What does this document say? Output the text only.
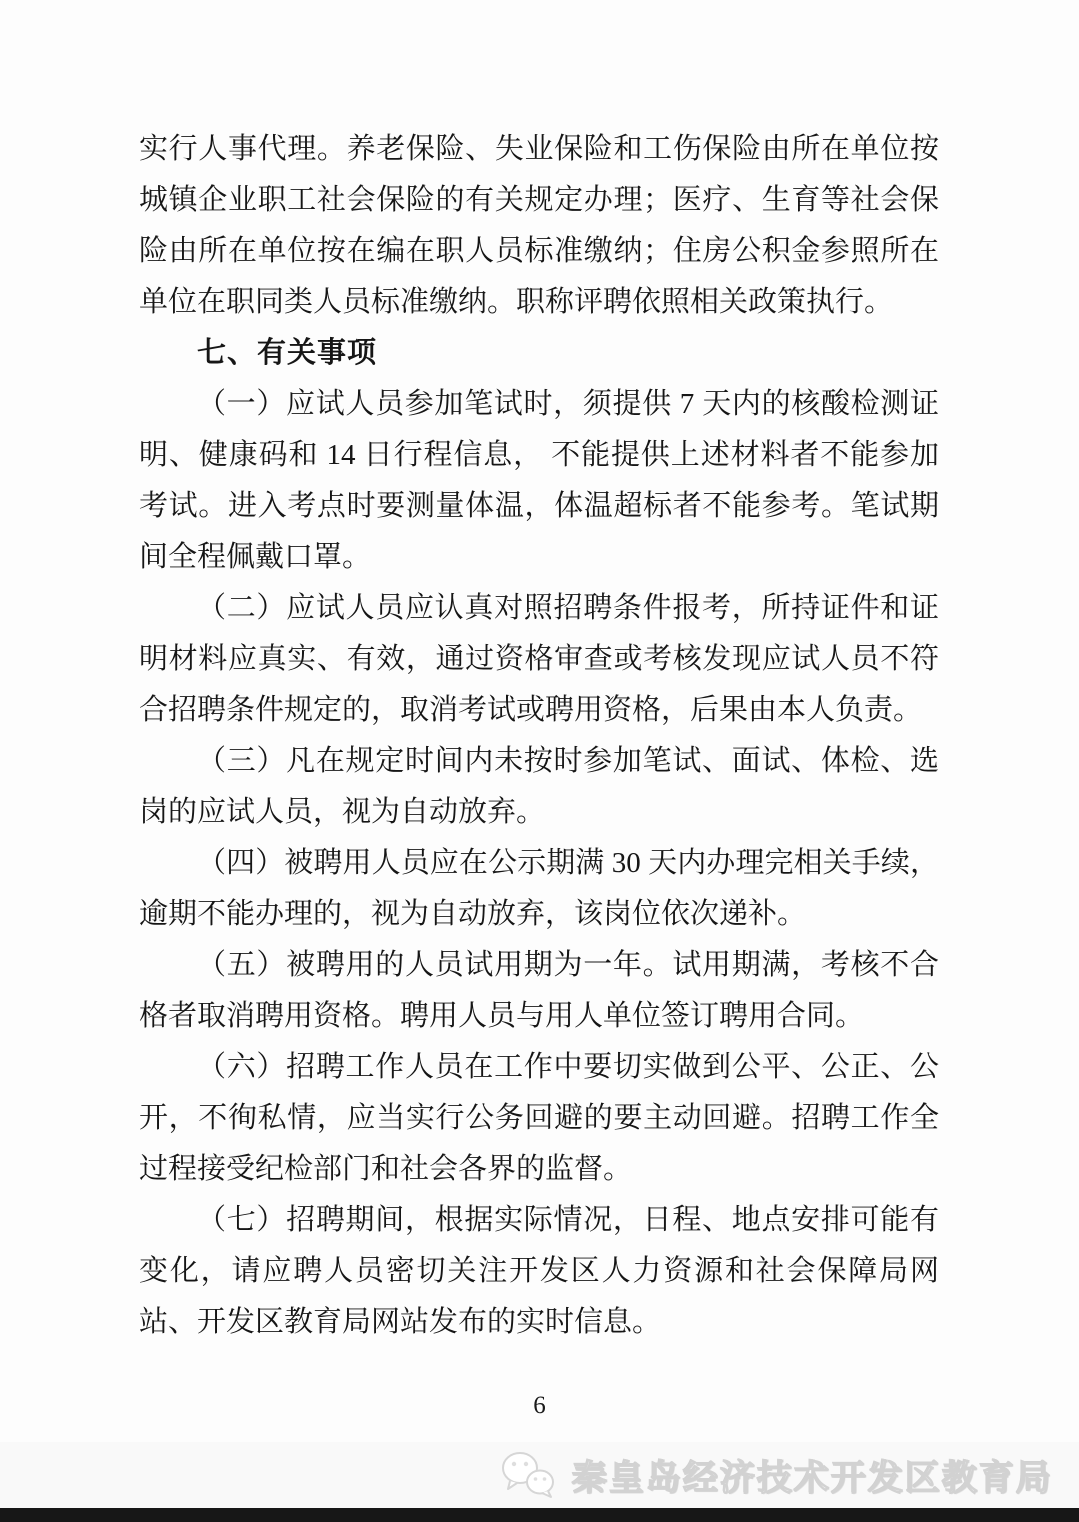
实行人事代理。养老保险、失业保险和工伤保险由所在单位按城镇企业职工社会保险的有关规定办理；医疗、生育等社会保险由所在单位按在编在职人员标准缴纳；住房公积金参照所在单位在职同类人员标准缴纳。职称评聘依照相关政策执行。

七、有关事项

（一）应试人员参加笔试时，须提供 7 天内的核酸检测证明、健康码和 14 日行程信息， 不能提供上述材料者不能参加考试。进入考点时要测量体温，体温超标者不能参考。笔试期间全程佩戴口罩。

（二）应试人员应认真对照招聘条件报考，所持证件和证明材料应真实、有效，通过资格审查或考核发现应试人员不符合招聘条件规定的，取消考试或聘用资格，后果由本人负责。

（三）凡在规定时间内未按时参加笔试、面试、体检、选岗的应试人员，视为自动放弃。

（四）被聘用人员应在公示期满 30 天内办理完相关手续，逾期不能办理的，视为自动放弃，该岗位依次递补。

（五）被聘用的人员试用期为一年。试用期满，考核不合格者取消聘用资格。聘用人员与用人单位签订聘用合同。

（六）招聘工作人员在工作中要切实做到公平、公正、公开，不徇私情，应当实行公务回避的要主动回避。招聘工作全过程接受纪检部门和社会各界的监督。

（七）招聘期间，根据实际情况，日程、地点安排可能有变化，请应聘人员密切关注开发区人力资源和社会保障局网站、开发区教育局网站发布的实时信息。

6
秦皇岛经济技术开发区教育局
